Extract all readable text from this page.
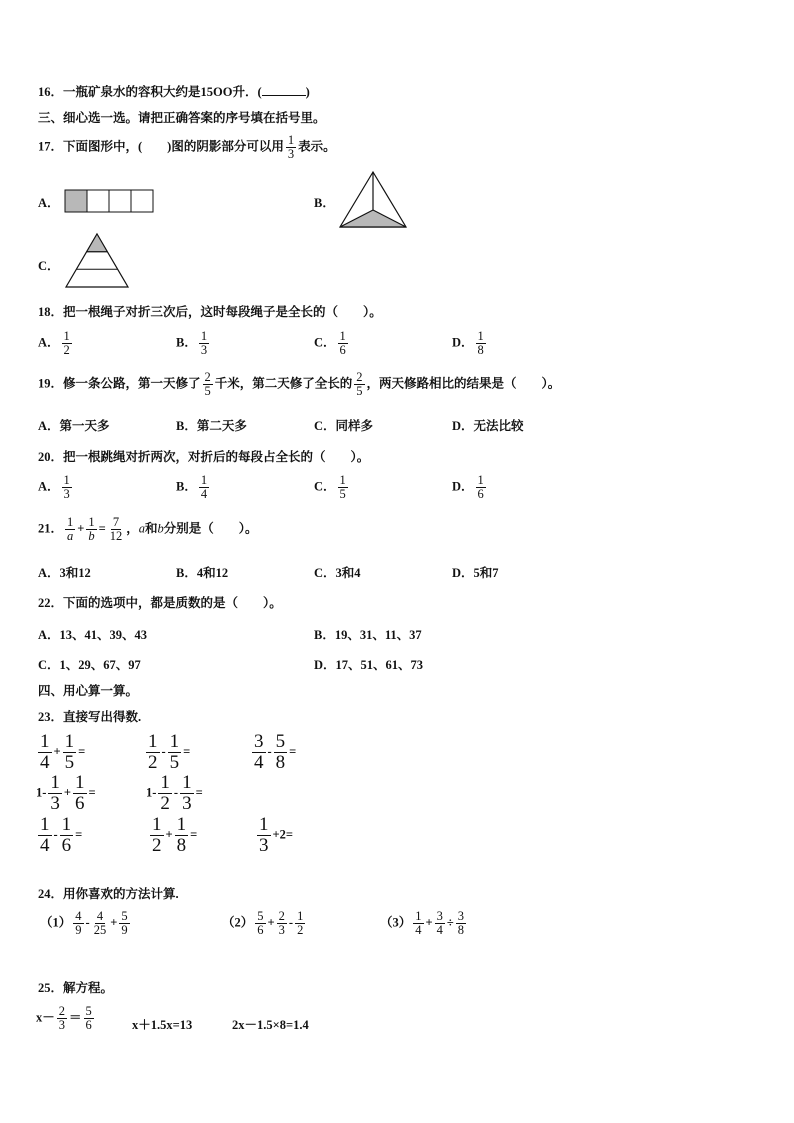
16．一瓶矿泉水的容积大约是15OO升．(	)
三、细心选一选。请把正确答案的序号填在括号里。
17．下面图形中，(　　)图的阴影部分可以用 $\frac{1}{3}$ 表示。
A．	B．
C．
18．把一根绳子对折三次后，这时每段绳子是全长的（　　）。
A． $\frac{1}{2}$	B． $\frac{1}{3}$	C． $\frac{1}{6}$	D． $\frac{1}{8}$
19．修一条公路，第一天修了 $\frac{2}{5}$ 千米，第二天修了全长的 $\frac{2}{5}$ ，两天修路相比的结果是（　　）。
A．第一天多	B．第二天多	C．同样多	D．无法比较
20．把一根跳绳对折两次，对折后的每段占全长的（　　）。
A． $\frac{1}{3}$	B． $\frac{1}{4}$	C． $\frac{1}{5}$	D． $\frac{1}{6}$
21． $\frac{1}{a} + \frac{1}{b} = \frac{7}{12}$ ，a和b分别是（　　）。
A．3和12	B．4和12	C．3和4	D．5和7
22．下面的选项中，都是质数的是（　　）。
A．13、41、39、43	B．19、31、11、37
C．1、29、67、97	D．17、51、61、73
四、用心算一算。
23．直接写出得数.
$\frac{1}{4} + \frac{1}{5}$ =	$\frac{1}{2} - \frac{1}{5}$ =	$\frac{3}{4} - \frac{5}{8}$ =
$1- \frac{1}{3} + \frac{1}{6}$ =	$1- \frac{1}{2} - \frac{1}{3}$ =
$\frac{1}{4} - \frac{1}{6}$ =	$\frac{1}{2} + \frac{1}{8}$ =	$\frac{1}{3} +2=$
24．用你喜欢的方法计算.
$(1) \frac{4}{9} - \frac{4}{25} + \frac{5}{9}$	$(2) \frac{5}{6} + \frac{2}{3} - \frac{1}{2}$	$(3) \frac{1}{4} + \frac{3}{4} \div \frac{3}{8}$
25．解方程。
$x- \frac{2}{3} = \frac{5}{6}$	x＋1.5x=13	2x－1.5×8=1.4
